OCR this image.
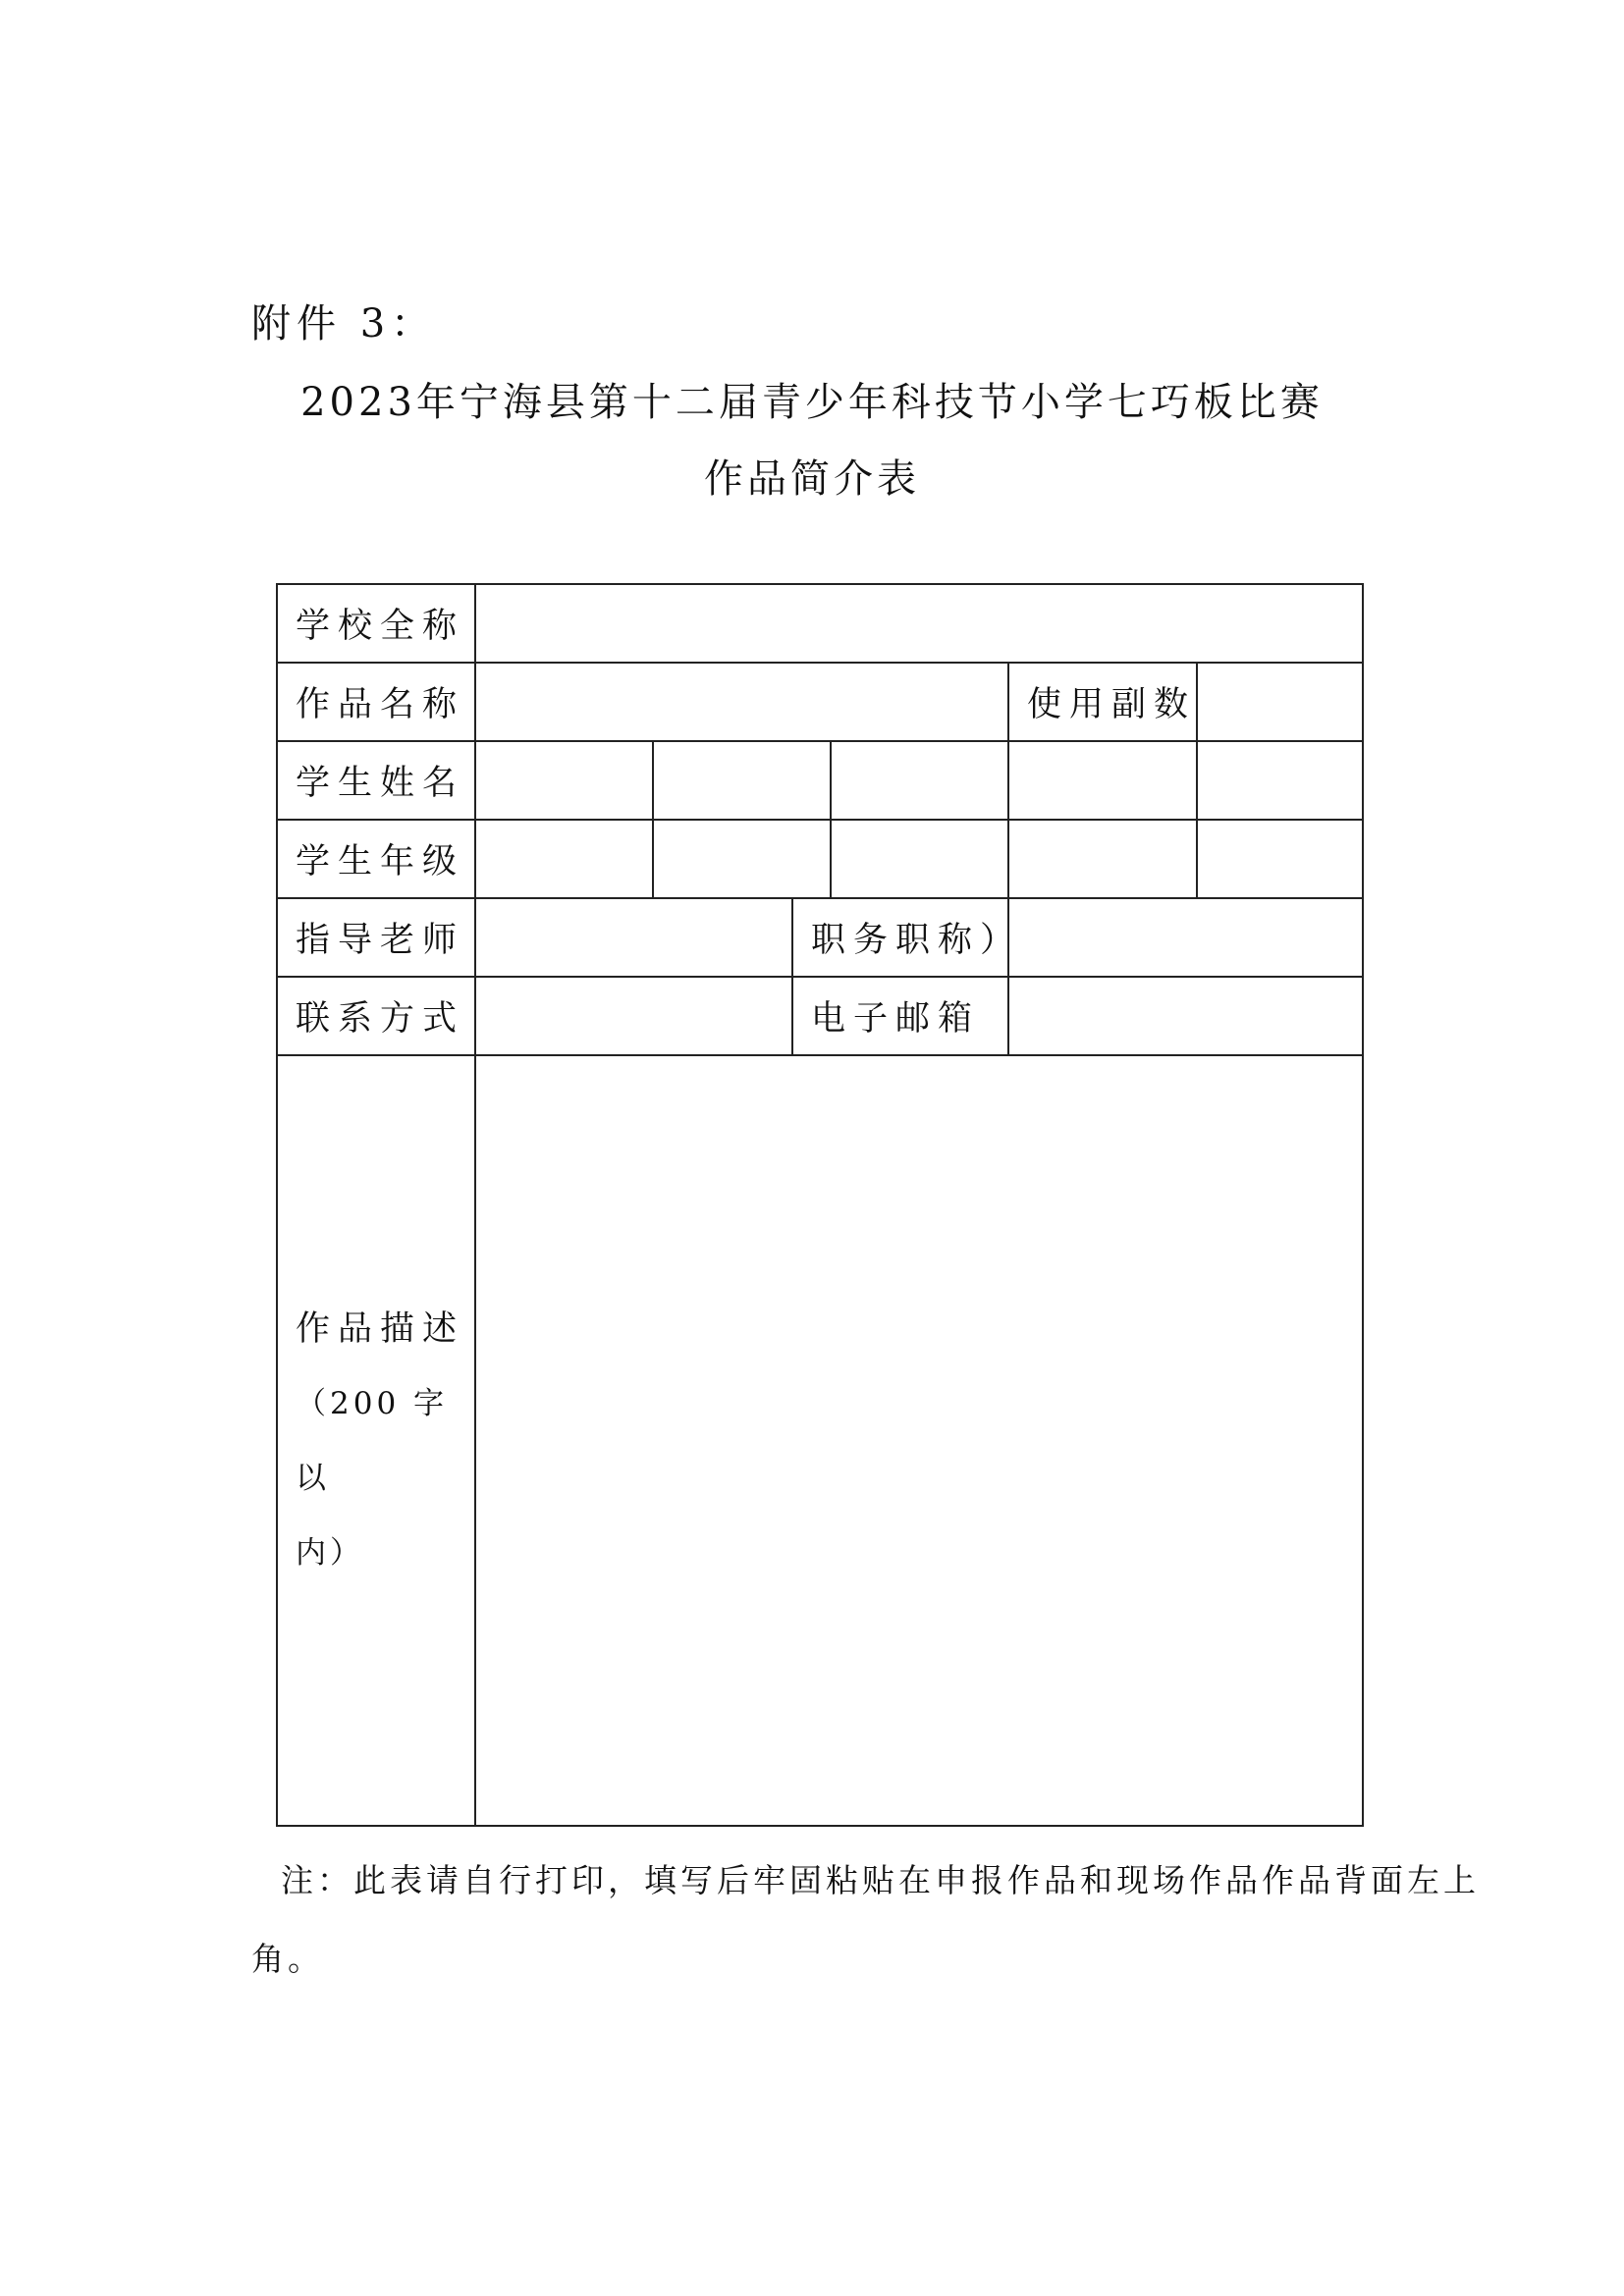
附件 3：
2023年宁海县第十二届青少年科技节小学七巧板比赛
作品简介表
学校全称						
作品名称					使用副数	
学生姓名						
学生年级						
指导老师			职务职称）			
联系方式			电子邮箱			

作品描述
（200 字以
内）						

注：此表请自行打印，填写后牢固粘贴在申报作品和现场作品作品背面左上
角。
